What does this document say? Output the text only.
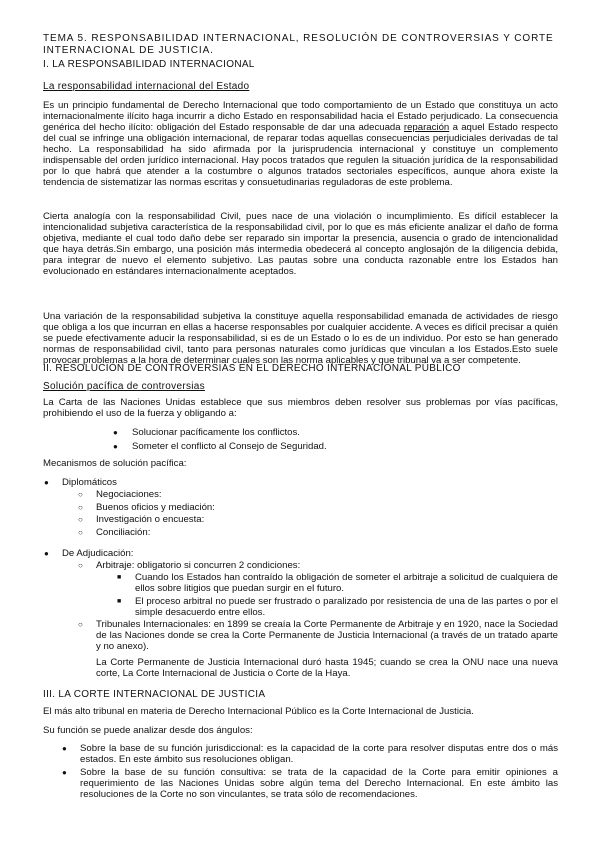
TEMA 5. RESPONSABILIDAD INTERNACIONAL, RESOLUCIÓN DE CONTROVERSIAS Y CORTE INTERNACIONAL DE JUSTICIA.

I. LA RESPONSABILIDAD INTERNACIONAL

La responsabilidad internacional del Estado

Es un principio fundamental de Derecho Internacional que todo comportamiento de un Estado que constituya un acto internacionalmente ilícito haga incurrir a dicho Estado en responsabilidad hacia el Estado perjudicado. La consecuencia genérica del hecho ilícito: obligación del Estado responsable de dar una adecuada reparación a aquel Estado respecto del cual se infringe una obligación internacional, de reparar todas aquellas consecuencias perjudiciales derivadas de tal hecho. La responsabilidad ha sido afirmada por la jurisprudencia internacional y constituye un complemento indispensable del orden jurídico internacional. Hay pocos tratados que regulen la situación jurídica de la responsabilidad por lo que habrá que atender a la costumbre o algunos tratados sectoriales específicos, aunque ahora existe la tendencia de sistematizar las normas escritas y consuetudinarias reguladoras de este problema.

Cierta analogía con la responsabilidad Civil, pues nace de una violación o incumplimiento. Es difícil establecer la intencionalidad subjetiva característica de la responsabilidad civil, por lo que es más eficiente analizar el daño de forma objetiva, mediante el cual todo daño debe ser reparado sin importar la presencia, ausencia o grado de intencionalidad que haya detrás.Sin embargo, una posición más intermedia obedecerá al concepto anglosajón de la diligencia debida, para integrar de nuevo el elemento subjetivo. Las pautas sobre una conducta razonable entre los Estados han evolucionado en estándares internacionalmente aceptados.

Una variación de la responsabilidad subjetiva la constituye aquella responsabilidad emanada de actividades de riesgo que obliga a los que incurran en ellas a hacerse responsables por cualquier accidente. A veces es difícil precisar a quién se puede efectivamente aducir la responsabilidad, si es de un Estado o lo es de un individuo. Por esto se han generado normas de responsabilidad civil, tanto para personas naturales como jurídicas que vinculan a los Estados.Esto suele provocar problemas a la hora de determinar cuales son las norma aplicables y que tribunal va a ser competente.

II. RESOLUCIÓN DE CONTROVERSIAS EN EL DERECHO INTERNACIONAL PÚBLICO

Solución pacífica de controversias

La Carta de las Naciones Unidas establece que sus miembros deben resolver sus problemas por vías pacíficas, prohibiendo el uso de la fuerza y obligando a:

● Solucionar pacíficamente los conflictos.

● Someter el conflicto al Consejo de Seguridad.

Mecanismos de solución pacífica:

● Diplomáticos

○ Negociaciones:

○ Buenos oficios y mediación:

○ Investigación o encuesta:

○ Conciliación:

● De Adjudicación:

○ Arbitraje: obligatorio si concurren 2 condiciones:

■ Cuando los Estados han contraído la obligación de someter el arbitraje a solicitud de cualquiera de ellos sobre litigios que puedan surgir en el futuro.

■ El proceso arbitral no puede ser frustrado o paralizado por resistencia de una de las partes o por el simple desacuerdo entre ellos.

○ Tribunales Internacionales: en 1899 se creaía la Corte Permanente de Arbitraje y en 1920, nace la Sociedad de las Naciones donde se crea la Corte Permanente de Justicia Internacional (a través de un tratado aparte y no anexo).

La Corte Permanente de Justicia Internacional duró hasta 1945; cuando se crea la ONU nace una nueva corte, La Corte Internacional de Justicia o Corte de la Haya.

III. LA CORTE INTERNACIONAL DE JUSTICIA

El más alto tribunal en materia de Derecho Internacional Público es la Corte Internacional de Justicia.

Su función se puede analizar desde dos ángulos:

● Sobre la base de su función jurisdiccional: es la capacidad de la corte para resolver disputas entre dos o más estados. En este ámbito sus resoluciones obligan.

● Sobre la base de su función consultiva: se trata de la capacidad de la Corte para emitir opiniones a requerimiento de las Naciones Unidas sobre algún tema del Derecho Internacional. En este ámbito las resoluciones de la Corte no son vinculantes, se trata sólo de recomendaciones.
